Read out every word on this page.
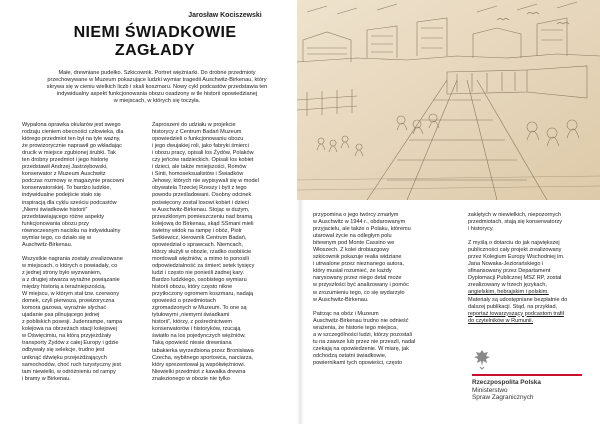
Jarosław Kociszewski
NIEMI ŚWIADKOWIE
ZAGŁADY
Małe, drewniane pudełko. Szkicownik. Portret więźniarki. Do drobne przedmioty
przechowywane w Muzeum pokazujące ludzki wymiar tragedii Auschwitz-Birkenau, który
skrywa się w cieniu wielkich liczb i skali koszmaru. Nowy cykl podcastów przedstawia ten
indywidualny aspekt funkcjonowania obozu osadzony w tle historii opowiedzianej
w miejscach, w których się toczyła.
Wypalona oprawka okularów jest swego
rodzaju cieniem obecności człowieka, dla
którego przedmiot ten był na tyle ważny,
że prowizorycznie naprawił go wkładając
drucik w miejsce zgubionej śrubki. Tak
ten drobny przedmiot i jego historię
przedstawił Andrzej Jastrzębowski,
konserwator z Muzeum Auschwitz
podczas rozmowy w magazynie pracowni
konserwatorskiej. To bardzo ludzkie,
indywidualne podejście stało się
inspiracją dla cyklu sześciu podcastów
„Niemi świadkowie historii”
przedstawiającego różne aspekty
funkcjonowania obozu przy
równoczesnym nacisku na indywidualny
wymiar tego, co działo się w
Auschwitz-Birkenau.
Wszystkie nagrania zostały zrealizowane
w miejscach, o których o powiadały, co
z jednej strony było wyzwaniem,
a z drugiej stwarza wyraźne powiązanie
między historią a teraźniejszością.
W miejscu, w którym stał tzw. czerwony
domek, czyli pierwsza, prowizoryczna
komora gazowa, wyraźnie słychać
ujadanie psa pilnującego jednej
z pobliskich posesji. Judenrampe, rampa
kolejowa na obrzeżach stacji kolejowej
w Oświęcimiu, na którą przyjeżdżały
transporty Żydów z całej Europy i gdzie
odbywały się selekcje, trudno jest
uniknąć dźwięku przejeżdżających
samochodów, choć ruch turystyczny jest
tam niewielki, w odróżnieniu od rampy
i bramy w Birkenau.
Zaproszeni do udziału w projekcie
historycy z Centrum Badań Muzeum
opowiedzieli o funkcjonowaniu obozu
i jego dwujakiej roli, jako fabryki śmierci
i obozu pracy, opisali los Żydów, Polaków
czy jeńców radzieckich. Opisali los kobiet
i dzieci, ale także mniejszości, Romów
i Sinti, homoseksualistów i Świadków
Jehowy, których nie wypisywali się w model
obywatela Trzeciej Rzeszy i byli z tego
powodu prześladowani. Osobny odcinek
poświęcony został losowi kobiet i dzieci
w Auschwitz-Birkenau. Stojąc w dużym,
przeszklonym pomieszczeniu nad bramą
kolejową do Birkenau, skąd SSmani mieli
świetny widok na rampę i obóz, Piotr
Setkiewicz, kierownik Centrum Badań,
opowiedział o sprawcach. Niemcach,
którzy służyli w obozie, rzadko osobiście
mordowali więźniów, a mimo to ponosili
odpowiedzialność za śmierć setek tysięcy
ludzi i często nie ponieśli żadnej kary.
Bardzo ludzkiego, osobistego wymiaru
historii obozu, który często nikne
przytłoczony ogromem koszmaru, nadają
opowieści o przedmiotach
zgromadzonych w Muzeum. To one są
tytułowymi „niemymi świadkami
historii”, którzy, z pośrednictwem
konserwatorów i historyków, rzucają
światło na los pojedynczych więźniów.
Taką opowieść niesie drewniana
tabakierka wyrzeźbiona przez Bronisława
Czecha, wybitnego sportowca, narciarza,
który sprezentował ją współwięźniowi.
Niewielki przedmiot z kawałka drewna
znalezionego w obozie nie tylko
przypomina o jego twórcy zmarłym
w Auschwitz w 1944 r., obdarowanym
przyjacielu, ale także o Polaku, któremu
utarował życie na odległym polu
bitewnym pod Monte Cassino we
Włoszech. Z kolei drobiazgowy
szkicownik pokazuje realia widziane
i utrwalone przez nieznanego autora,
który musiał rozumieć, że każdy
narysowany przez niego detal może
w przyszłości być analizowany i pomóc
w zrozumieniu tego, co się wydarzyło
w Auschwitz-Birkenau.
Patrząc na obóz i Muzeum
Auschwitz-Birkenau trudno nie odnieść
wrażenia, że historie tego miejsca,
a w szczególności ludzi, którzy pozostali
tu na zawsze lub przez nie przeszli, nadal
czekają na opowiedzenie. W miarę, jak
odchodzą ostatni świadkowie,
powiernikami tych opowieści, często
zaklętych w niewielkich, niepozornych
przedmiotach, stają się konserwatorzy
i historycy.
Z myślą o dotarciu do jak największej
publiczności cały projekt zrealizowany
przez Kolegium Europy Wschodniej im.
Jana Nowaka-Jeziorańskiego i
sfinansowany przez Departament
Dyplomacji Publicznej MSZ RP, został
zrealizowany w trzech językach,
angielskim, hebrajskim i polskim.
Materiały są udostępniane bezpłatnie do
dalszej publikacji. Stąd, na przykład,
reportaż towarzyszący podcastom trafił
do czytelników w Rumunii.
Rzeczpospolita Polska
Ministerstwo
Spraw Zagranicznych
